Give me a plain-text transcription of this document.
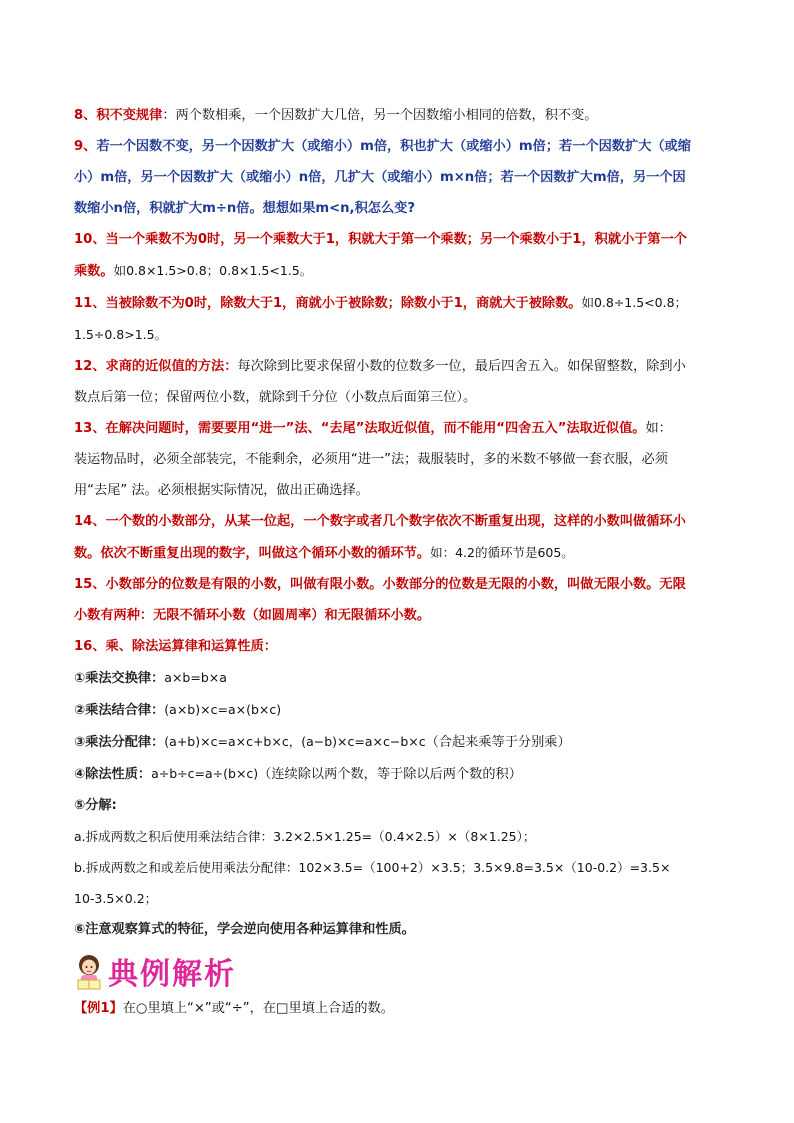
8、积不变规律：两个数相乘，一个因数扩大几倍，另一个因数缩小相同的倍数，积不变。

9、若一个因数不变，另一个因数扩大（或缩小）m倍，积也扩大（或缩小）m倍；若一个因数扩大（或缩
小）m倍，另一个因数扩大（或缩小）n倍，几扩大（或缩小）m×n倍；若一个因数扩大m倍，另一个因
数缩小n倍，积就扩大m÷n倍。想想如果m<n,积怎么变?

10、当一个乘数不为0时，另一个乘数大于1，积就大于第一个乘数；另一个乘数小于1，积就小于第一个
乘数。如0.8×1.5>0.8；0.8×1.5<1.5。

11、当被除数不为0时，除数大于1，商就小于被除数；除数小于1，商就大于被除数。如0.8÷1.5<0.8；
1.5÷0.8>1.5。

12、求商的近似值的方法：每次除到比要求保留小数的位数多一位，最后四舍五入。如保留整数，除到小
数点后第一位；保留两位小数，就除到千分位（小数点后面第三位）。

13、在解决问题时，需要要用“进一”法、“去尾”法取近似值，而不能用“四舍五入”法取近似值。如：
装运物品时，必须全部装完，不能剩余，必须用“进一”法；裁服装时，多的米数不够做一套衣服，必须
用“去尾” 法。必须根据实际情况，做出正确选择。

14、一个数的小数部分，从某一位起，一个数字或者几个数字依次不断重复出现，这样的小数叫做循环小
数。依次不断重复出现的数字，叫做这个循环小数的循环节。如：4.2的循环节是605。

15、小数部分的位数是有限的小数，叫做有限小数。小数部分的位数是无限的小数，叫做无限小数。无限
小数有两种：无限不循环小数（如圆周率）和无限循环小数。

16、乘、除法运算律和运算性质：

①乘法交换律：a×b=b×a

②乘法结合律：(a×b)×c=a×(b×c)

③乘法分配律：(a+b)×c=a×c+b×c，(a−b)×c=a×c−b×c（合起来乘等于分别乘）

④除法性质：a÷b÷c=a÷(b×c)（连续除以两个数，等于除以后两个数的积）

⑤分解:

a.拆成两数之积后使用乘法结合律：3.2×2.5×1.25=（0.4×2.5）×（8×1.25）；

b.拆成两数之和或差后使用乘法分配律：102×3.5=（100+2）×3.5；3.5×9.8=3.5×（10-0.2）=3.5×
10-3.5×0.2；

⑥注意观察算式的特征，学会逆向使用各种运算律和性质。

典例解析

【例1】在○里填上“×”或“÷”，在□里填上合适的数。
